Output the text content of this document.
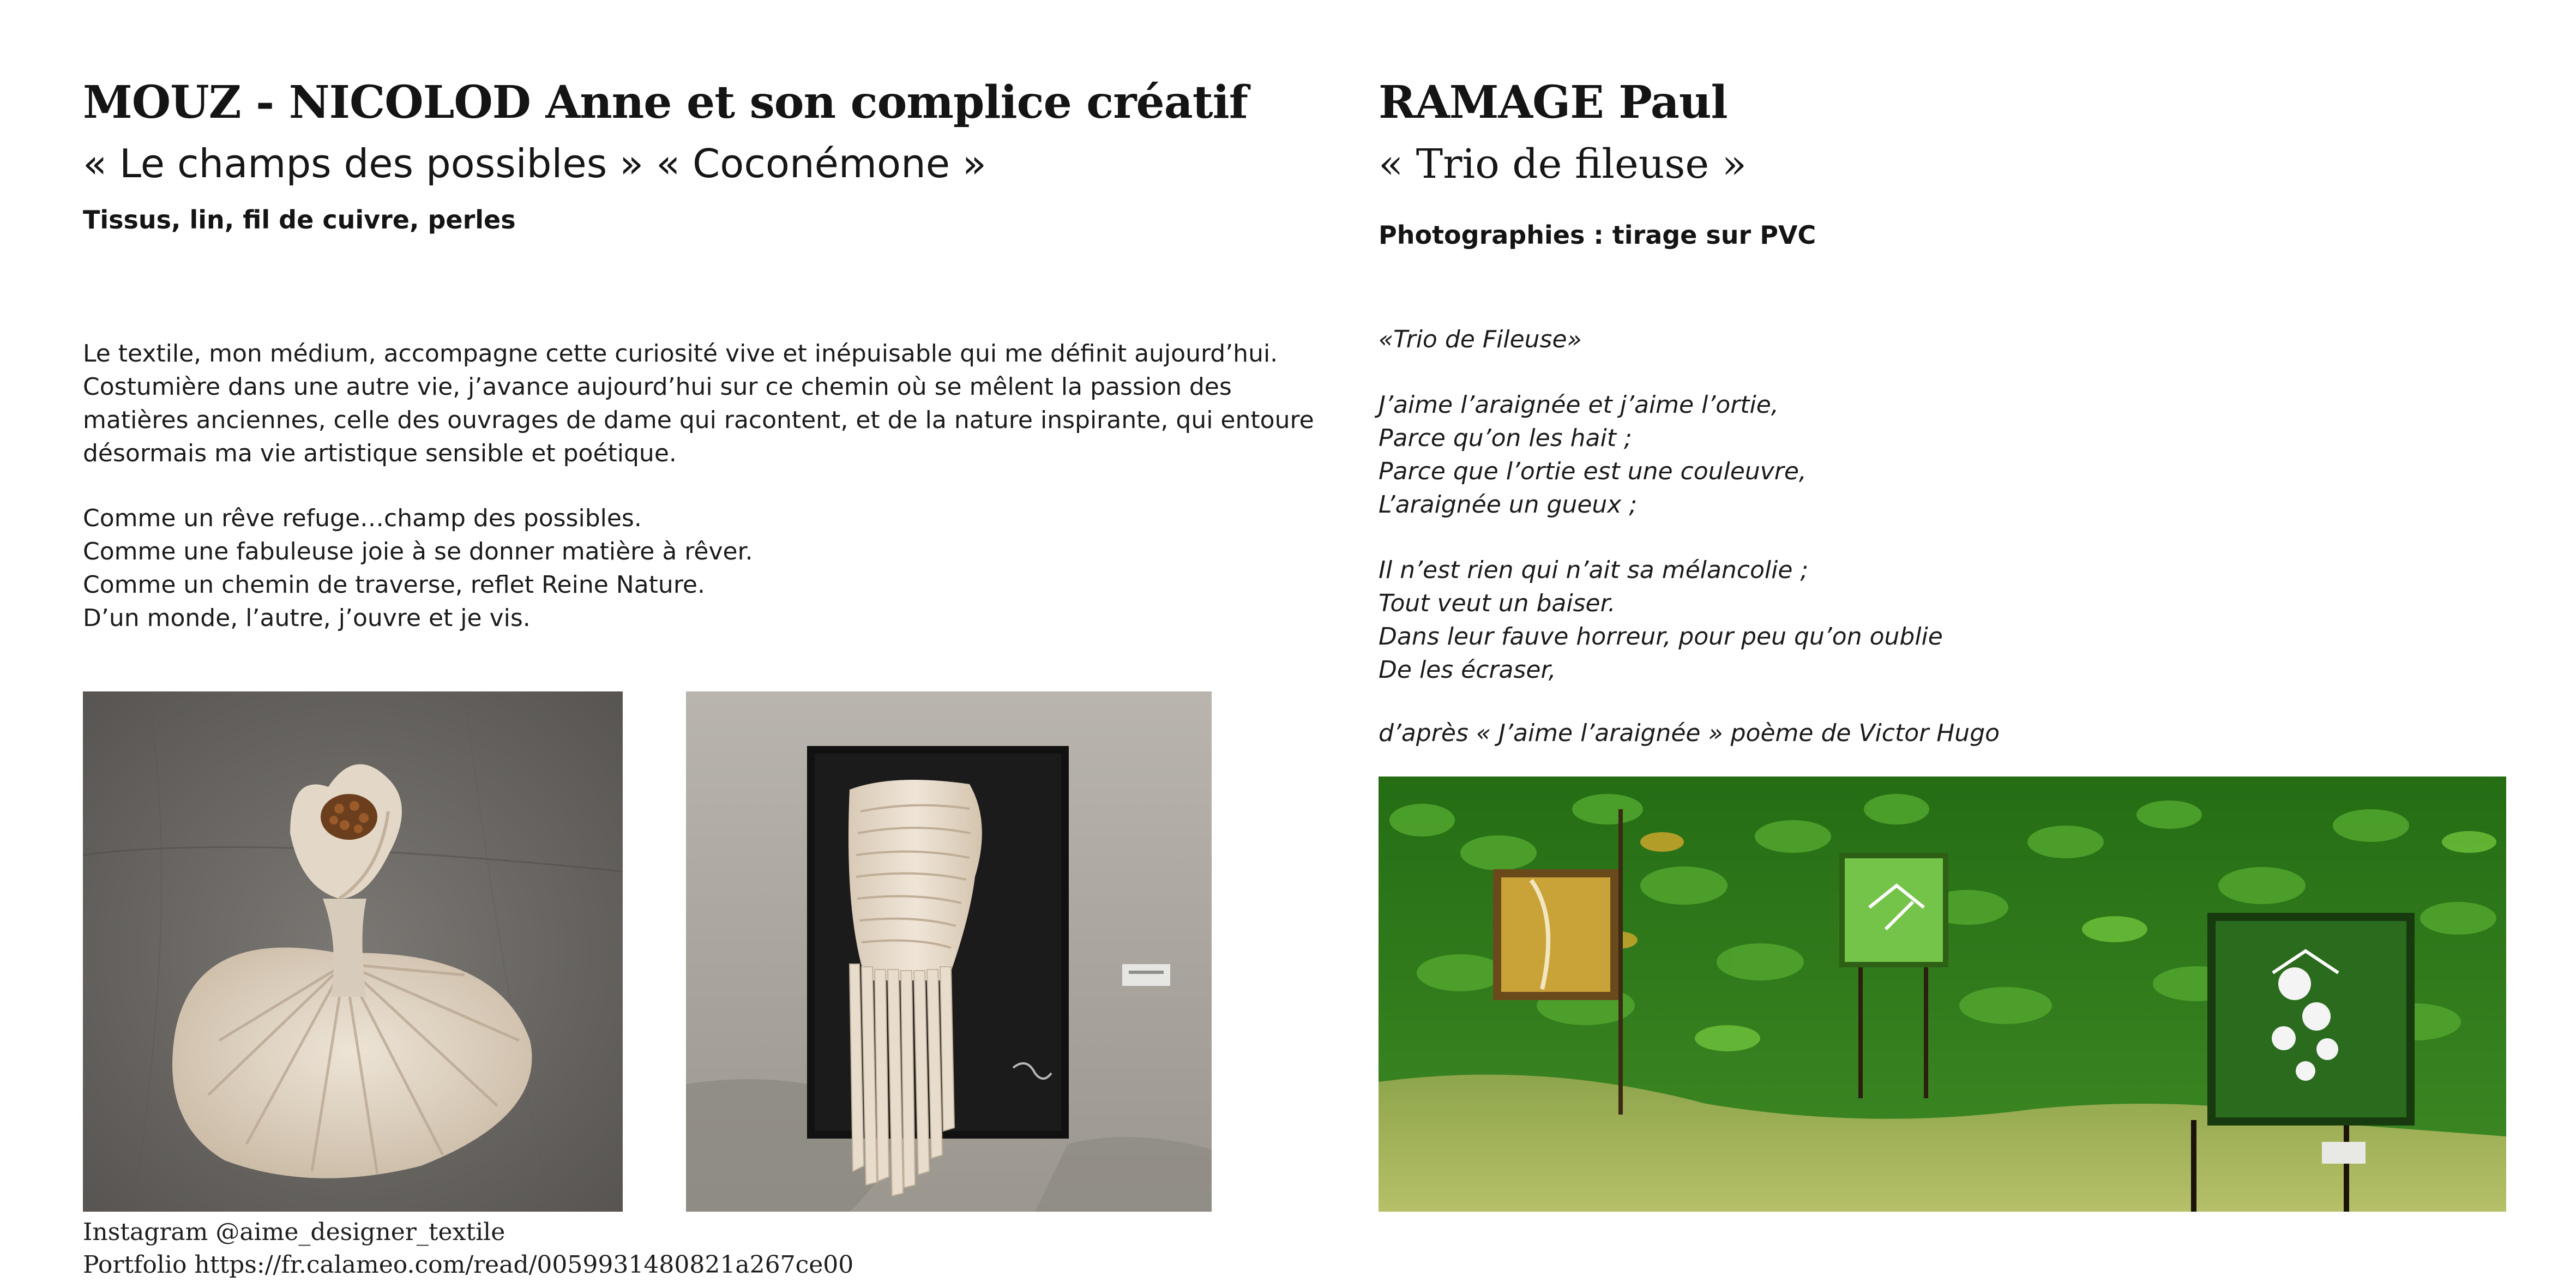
MOUZ - NICOLOD Anne et son complice créatif
« Le champs des possibles » « Coconémone »
Tissus, lin, fil de cuivre, perles
Le textile, mon médium, accompagne cette curiosité vive et inépuisable qui me définit aujourd’hui.
Costumière dans une autre vie, j’avance aujourd’hui sur ce chemin où se mêlent la passion des
matières anciennes, celle des ouvrages de dame qui racontent, et de la nature inspirante, qui entoure
désormais ma vie artistique sensible et poétique.
Comme un rêve refuge…champ des possibles.
Comme une fabuleuse joie à se donner matière à rêver.
Comme un chemin de traverse, reflet Reine Nature.
D’un monde, l’autre, j’ouvre et je vis.
Instagram @aime_designer_textile
Portfolio https://fr.calameo.com/read/0059931480821a267ce00
RAMAGE Paul
« Trio de fileuse »
Photographies : tirage sur PVC
«Trio de Fileuse»
J’aime l’araignée et j’aime l’ortie,
Parce qu’on les hait ;
Parce que l’ortie est une couleuvre,
L’araignée un gueux ;
Il n’est rien qui n’ait sa mélancolie ;
Tout veut un baiser.
Dans leur fauve horreur, pour peu qu’on oublie
De les écraser,
d’après « J’aime l’araignée » poème de Victor Hugo
